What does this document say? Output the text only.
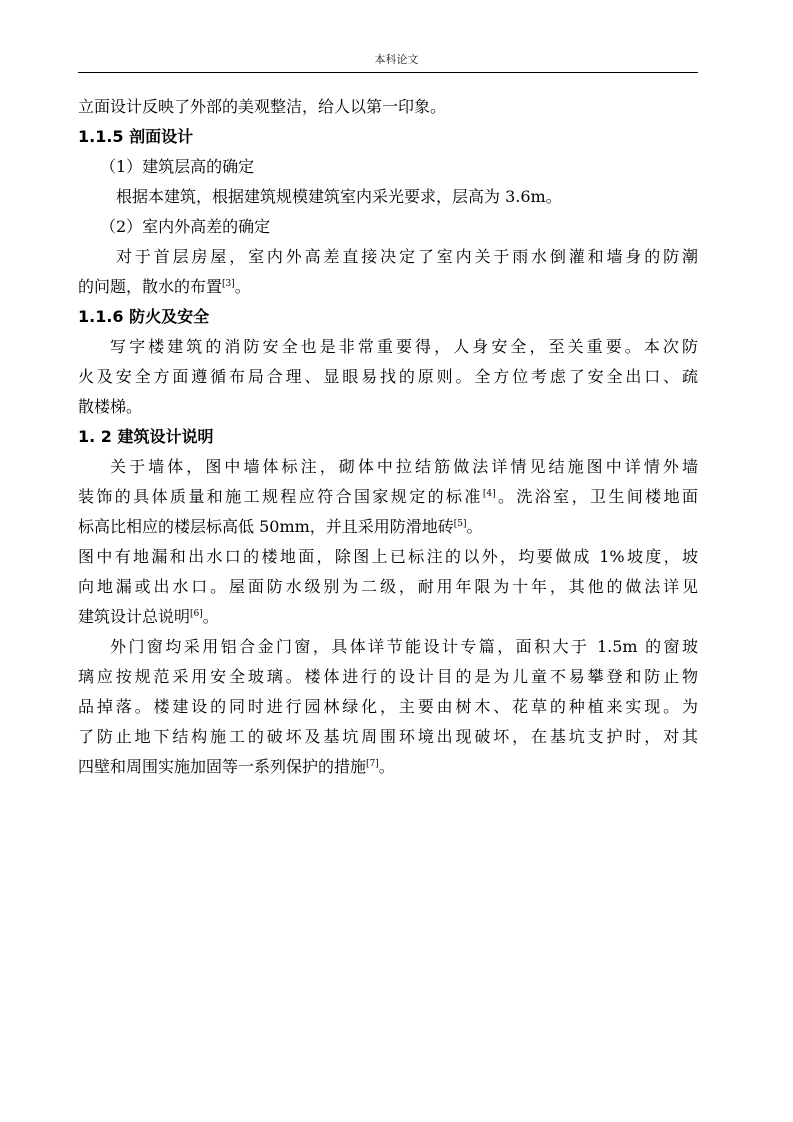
本科论文
立面设计反映了外部的美观整洁，给人以第一印象。
1.1.5 剖面设计
（1）建筑层高的确定
根据本建筑，根据建筑规模建筑室内采光要求，层高为 3.6m。
（2）室内外高差的确定
对于首层房屋，室内外高差直接决定了室内关于雨水倒灌和墙身的防潮
的问题，散水的布置[3]。
1.1.6 防火及安全
写字楼建筑的消防安全也是非常重要得，人身安全，至关重要。本次防
火及安全方面遵循布局合理、显眼易找的原则。全方位考虑了安全出口、疏
散楼梯。
1. 2 建筑设计说明
关于墙体，图中墙体标注，砌体中拉结筋做法详情见结施图中详情外墙
装饰的具体质量和施工规程应符合国家规定的标准[4]。洗浴室，卫生间楼地面
标高比相应的楼层标高低 50mm，并且采用防滑地砖[5]。
图中有地漏和出水口的楼地面，除图上已标注的以外，均要做成 1%坡度，坡
向地漏或出水口。屋面防水级别为二级，耐用年限为十年，其他的做法详见
建筑设计总说明[6]。
外门窗均采用铝合金门窗，具体详节能设计专篇，面积大于 1.5m 的窗玻
璃应按规范采用安全玻璃。楼体进行的设计目的是为儿童不易攀登和防止物
品掉落。楼建设的同时进行园林绿化，主要由树木、花草的种植来实现。为
了防止地下结构施工的破坏及基坑周围环境出现破坏，在基坑支护时，对其
四壁和周围实施加固等一系列保护的措施[7]。
